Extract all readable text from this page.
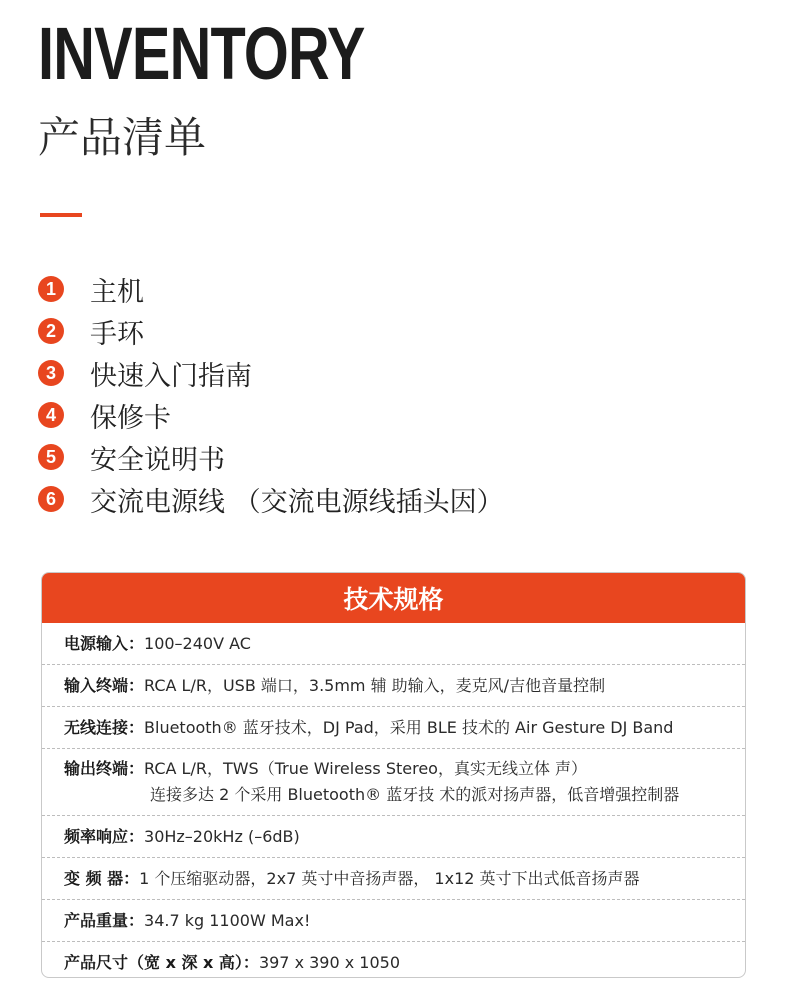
INVENTORY
产品清单
1 主机
2 手环
3 快速入门指南
4 保修卡
5 安全说明书
6 交流电源线 （交流电源线插头因）
技术规格
电源输入：100–240V AC
输入终端：RCA L/R，USB 端口，3.5mm 辅 助输入，麦克风/吉他音量控制
无线连接：Bluetooth® 蓝牙技术，DJ Pad，采用 BLE 技术的 Air Gesture DJ Band
输出终端：RCA L/R，TWS（True Wireless Stereo，真实无线立体 声）
连接多达 2 个采用 Bluetooth® 蓝牙技 术的派对扬声器，低音增强控制器
频率响应：30Hz–20kHz (–6dB)
变 频 器：1 个压缩驱动器，2x7 英寸中音扬声器， 1x12 英寸下出式低音扬声器
产品重量：34.7 kg 1100W Max!
产品尺寸（宽 x 深 x 高）：397 x 390 x 1050
